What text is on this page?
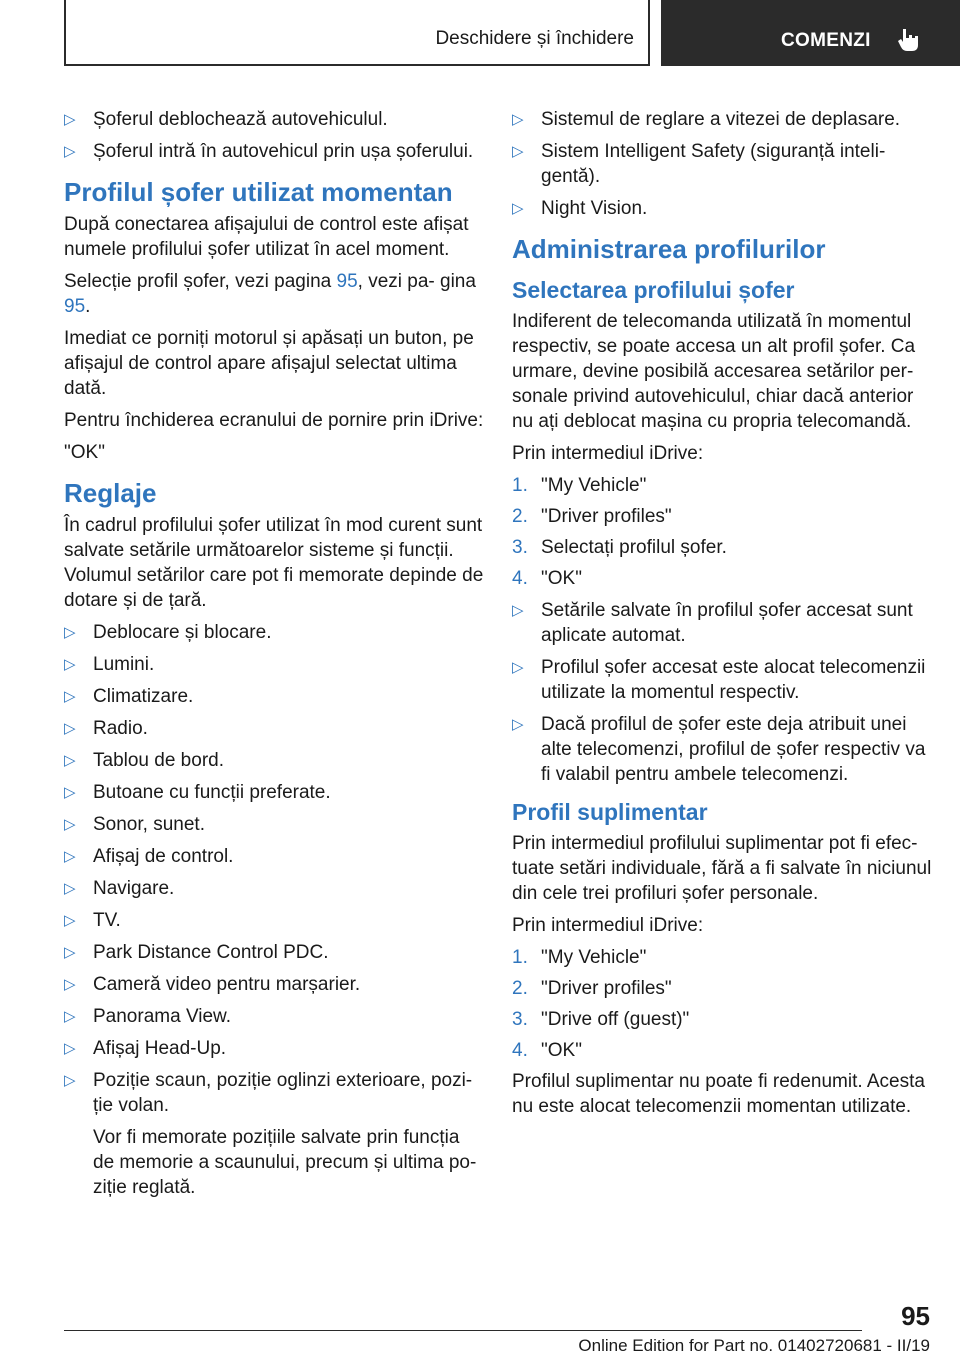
Deschidere și închidere	COMENZI
▷ Șoferul deblochează autovehiculul.
▷ Șoferul intră în autovehicul prin ușa șoferului.
Profilul șofer utilizat momentan
După conectarea afișajului de control este afișat numele profilului șofer utilizat în acel moment.
Selecție profil șofer, vezi pagina 95, vezi pa‐ gina 95.
Imediat ce porniți motorul și apăsați un buton, pe afișajul de control apare afișajul selectat ultima dată.
Pentru închiderea ecranului de pornire prin iDrive:
"OK"
Reglaje
În cadrul profilului șofer utilizat în mod curent sunt salvate setările următoarelor sisteme și funcții. Volumul setărilor care pot fi memorate depinde de dotare și de țară.
▷ Deblocare și blocare.
▷ Lumini.
▷ Climatizare.
▷ Radio.
▷ Tablou de bord.
▷ Butoane cu funcții preferate.
▷ Sonor, sunet.
▷ Afișaj de control.
▷ Navigare.
▷ TV.
▷ Park Distance Control PDC.
▷ Cameră video pentru marșarier.
▷ Panorama View.
▷ Afișaj Head-Up.
▷ Poziție scaun, poziție oglinzi exterioare, pozi‐ ție volan.
Vor fi memorate pozițiile salvate prin funcția de memorie a scaunului, precum și ultima po‐ ziție reglată.
▷ Sistemul de reglare a vitezei de deplasare.
▷ Sistem Intelligent Safety (siguranță inteli‐ gentă).
▷ Night Vision.
Administrarea profilurilor
Selectarea profilului șofer
Indiferent de telecomanda utilizată în momentul respectiv, se poate accesa un alt profil șofer. Ca urmare, devine posibilă accesarea setărilor per‐ sonale privind autovehiculul, chiar dacă anterior nu ați deblocat mașina cu propria telecomandă.
Prin intermediul iDrive:
1. "My Vehicle"
2. "Driver profiles"
3. Selectați profilul șofer.
4. "OK"
▷ Setările salvate în profilul șofer accesat sunt aplicate automat.
▷ Profilul șofer accesat este alocat telecomenzii utilizate la momentul respectiv.
▷ Dacă profilul de șofer este deja atribuit unei alte telecomenzi, profilul de șofer respectiv va fi valabil pentru ambele telecomenzi.
Profil suplimentar
Prin intermediul profilului suplimentar pot fi efec‐ tuate setări individuale, fără a fi salvate în niciunul din cele trei profiluri șofer personale.
Prin intermediul iDrive:
1. "My Vehicle"
2. "Driver profiles"
3. "Drive off (guest)"
4. "OK"
Profilul suplimentar nu poate fi redenumit. Acesta nu este alocat telecomenzii momentan utilizate.
95
Online Edition for Part no. 01402720681 - II/19
